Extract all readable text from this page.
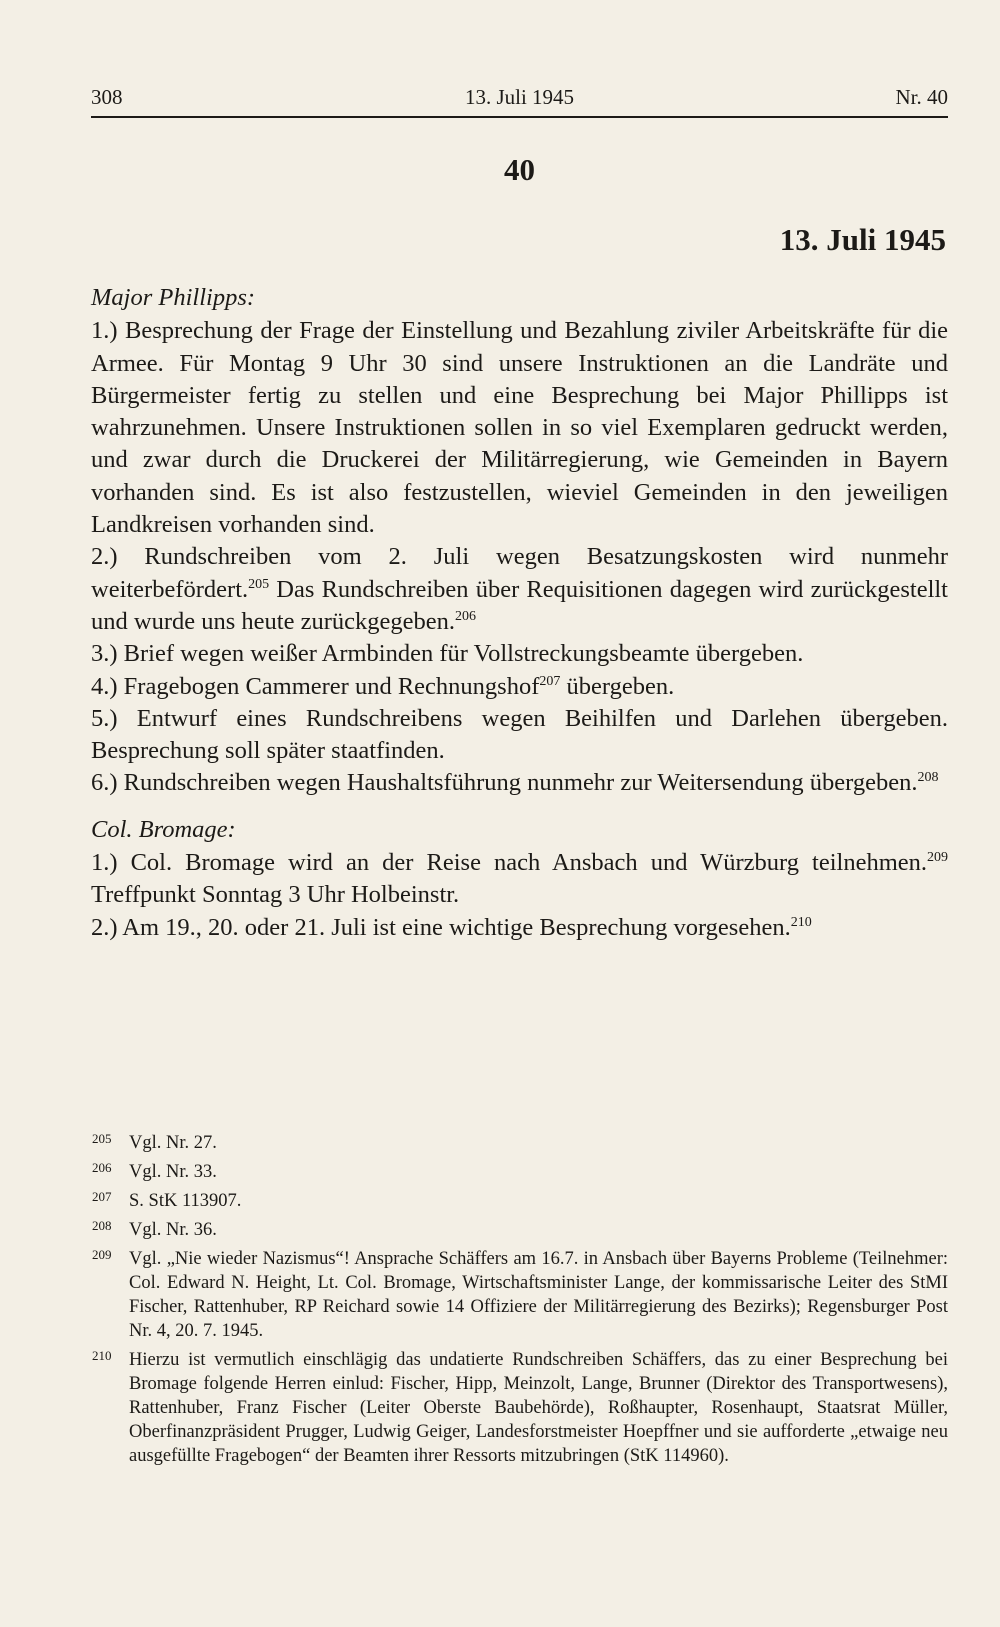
308	13. Juli 1945	Nr. 40
40
13. Juli 1945

Major Phillipps:

1.) Besprechung der Frage der Einstellung und Bezahlung ziviler Arbeitskräfte für die Armee. Für Montag 9 Uhr 30 sind unsere Instruktionen an die Landräte und Bürgermeister fertig zu stellen und eine Besprechung bei Major Phillipps ist wahrzunehmen. Unsere Instruktionen sollen in so viel Exemplaren gedruckt werden, und zwar durch die Druckerei der Militärregierung, wie Gemeinden in Bayern vorhanden sind. Es ist also festzustellen, wieviel Gemeinden in den jeweiligen Landkreisen vorhanden sind.

2.) Rundschreiben vom 2. Juli wegen Besatzungskosten wird nunmehr weiterbefördert.$^{205}$ Das Rundschreiben über Requisitionen dagegen wird zurückgestellt und wurde uns heute zurückgegeben.$^{206}$

3.) Brief wegen weißer Armbinden für Vollstreckungsbeamte übergeben.

4.) Fragebogen Cammerer und Rechnungshof$^{207}$ übergeben.

5.) Entwurf eines Rundschreibens wegen Beihilfen und Darlehen übergeben. Besprechung soll später staatfinden.

6.) Rundschreiben wegen Haushaltsführung nunmehr zur Weitersendung übergeben.$^{208}$

Col. Bromage:

1.) Col. Bromage wird an der Reise nach Ansbach und Würzburg teilnehmen.$^{209}$ Treffpunkt Sonntag 3 Uhr Holbeinstr.

2.) Am 19., 20. oder 21. Juli ist eine wichtige Besprechung vorgesehen.$^{210}$

205 Vgl. Nr. 27.
206 Vgl. Nr. 33.
207 S. StK 113907.
208 Vgl. Nr. 36.
209 Vgl. „Nie wieder Nazismus“! Ansprache Schäffers am 16.7. in Ansbach über Bayerns Probleme (Teilnehmer: Col. Edward N. Height, Lt. Col. Bromage, Wirtschaftsminister Lange, der kommissarische Leiter des StMI Fischer, Rattenhuber, RP Reichard sowie 14 Offiziere der Militärregierung des Bezirks); Regensburger Post Nr. 4, 20. 7. 1945.
210 Hierzu ist vermutlich einschlägig das undatierte Rundschreiben Schäffers, das zu einer Besprechung bei Bromage folgende Herren einlud: Fischer, Hipp, Meinzolt, Lange, Brunner (Direktor des Transportwesens), Rattenhuber, Franz Fischer (Leiter Oberste Baubehörde), Roßhaupter, Rosenhaupt, Staatsrat Müller, Oberfinanzpräsident Prugger, Ludwig Geiger, Landesforstmeister Hoepffner und sie aufforderte „etwaige neu ausgefüllte Fragebogen“ der Beamten ihrer Ressorts mitzubringen (StK 114960).
